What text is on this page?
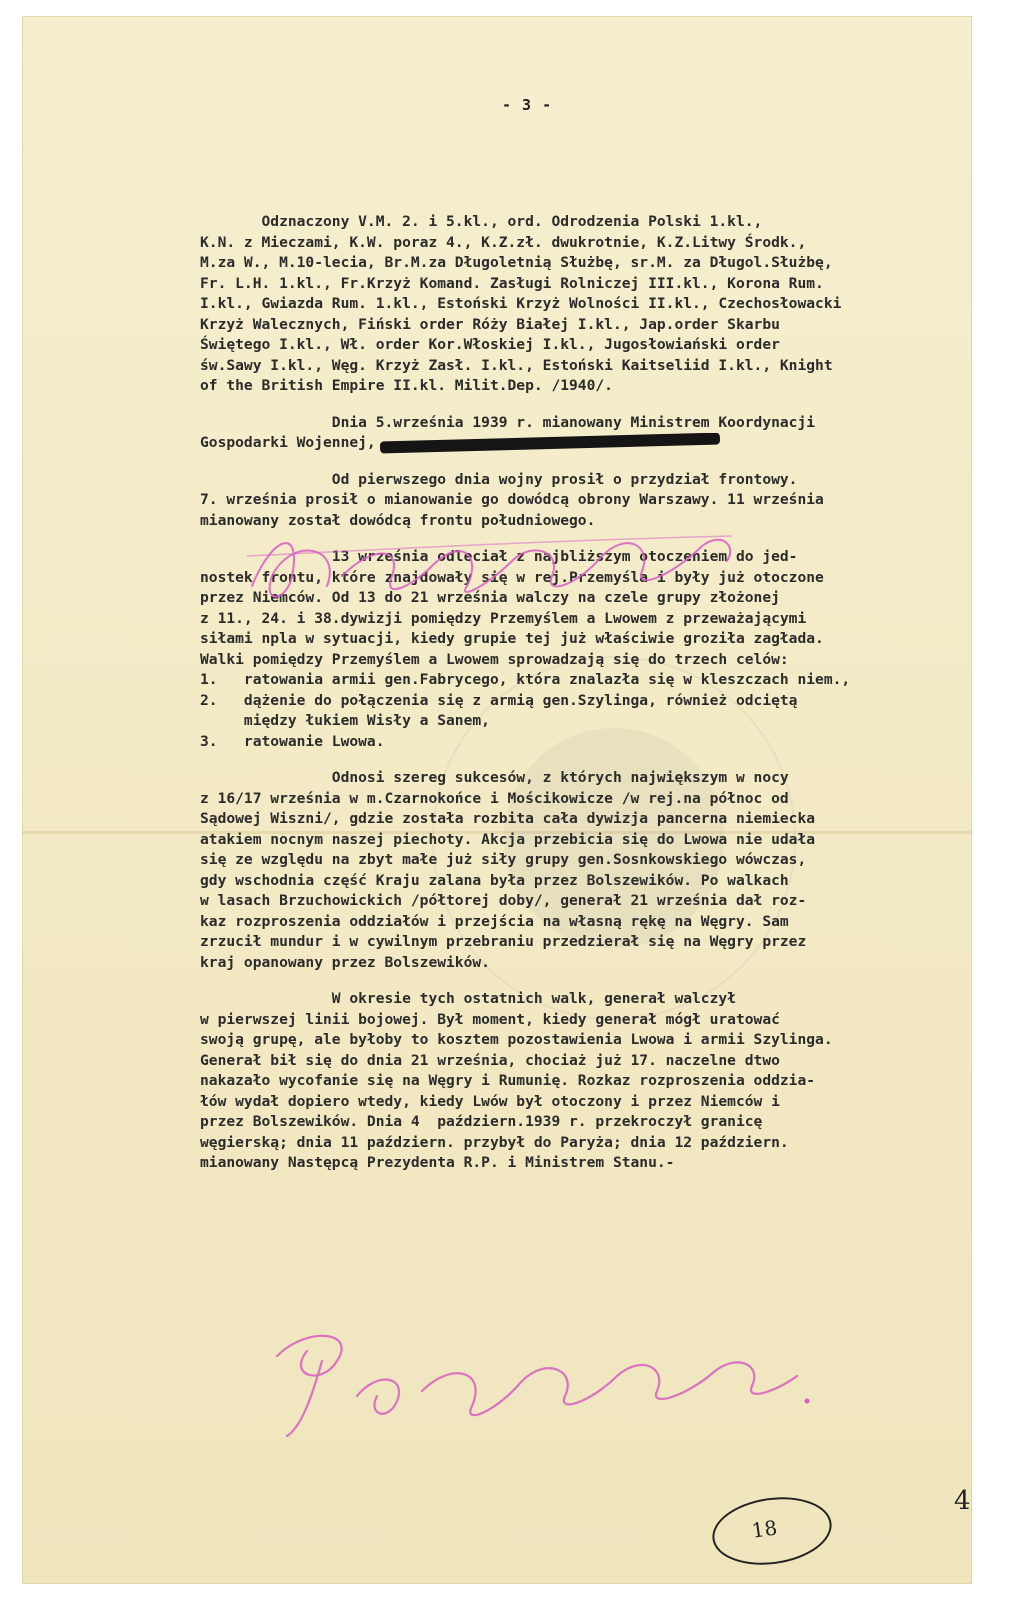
- 3 -
Odznaczony V.M. 2. i 5.kl., ord. Odrodzenia Polski 1.kl.,
K.N. z Mieczami, K.W. poraz 4., K.Z.zł. dwukrotnie, K.Z.Litwy Środk.,
M.za W., M.10-lecia, Br.M.za Długoletnią Służbę, sr.M. za Długol.Służbę,
Fr. L.H. 1.kl., Fr.Krzyż Komand. Zasługi Rolniczej III.kl., Korona Rum.
I.kl., Gwiazda Rum. 1.kl., Estoński Krzyż Wolności II.kl., Czechosłowacki
Krzyż Walecznych, Fiński order Róży Białej I.kl., Jap.order Skarbu
Świętego I.kl., Wł. order Kor.Włoskiej I.kl., Jugosłowiański order
św.Sawy I.kl., Węg. Krzyż Zasł. I.kl., Estoński Kaitseliid I.kl., Knight
of the British Empire II.kl. Milit.Dep. /1940/.
Dnia 5.września 1939 r. mianowany Ministrem Koordynacji
Gospodarki Wojennej,
Od pierwszego dnia wojny prosił o przydział frontowy.
7. września prosił o mianowanie go dowódcą obrony Warszawy. 11 września
mianowany został dowódcą frontu południowego.
13 września odleciał z najbliższym otoczeniem do jed-
nostek frontu, które znajdowały się w rej.Przemyśla i były już otoczone
przez Niemców. Od 13 do 21 września walczy na czele grupy złożonej
z 11., 24. i 38.dywizji pomiędzy Przemyślem a Lwowem z przeważającymi
siłami npla w sytuacji, kiedy grupie tej już właściwie groziła zagłada.
Walki pomiędzy Przemyślem a Lwowem sprowadzają się do trzech celów:
1.   ratowania armii gen.Fabrycego, która znalazła się w kleszczach niem.,
2.   dążenie do połączenia się z armią gen.Szylinga, również odciętą
między łukiem Wisły a Sanem,
3.   ratowanie Lwowa.
Odnosi szereg sukcesów, z których największym w nocy
z 16/17 września w m.Czarnokońce i Mościkowicze /w rej.na północ od
Sądowej Wiszni/, gdzie została rozbita cała dywizja pancerna niemiecka
atakiem nocnym naszej piechoty. Akcja przebicia się do Lwowa nie udała
się ze względu na zbyt małe już siły grupy gen.Sosnkowskiego wówczas,
gdy wschodnia część Kraju zalana była przez Bolszewików. Po walkach
w lasach Brzuchowickich /półtorej doby/, generał 21 września dał roz-
kaz rozproszenia oddziałów i przejścia na własną rękę na Węgry. Sam
zrzucił mundur i w cywilnym przebraniu przedzierał się na Węgry przez
kraj opanowany przez Bolszewików.
W okresie tych ostatnich walk, generał walczył
w pierwszej linii bojowej. Był moment, kiedy generał mógł uratować
swoją grupę, ale byłoby to kosztem pozostawienia Lwowa i armii Szylinga.
Generał bił się do dnia 21 września, chociaż już 17. naczelne dtwo
nakazało wycofanie się na Węgry i Rumunię. Rozkaz rozproszenia oddzia-
łów wydał dopiero wtedy, kiedy Lwów był otoczony i przez Niemców i
przez Bolszewików. Dnia 4  październ.1939 r. przekroczył granicę
węgierską; dnia 11 październ. przybył do Paryża; dnia 12 październ.
mianowany Następcą Prezydenta R.P. i Ministrem Stanu.-
18
4
